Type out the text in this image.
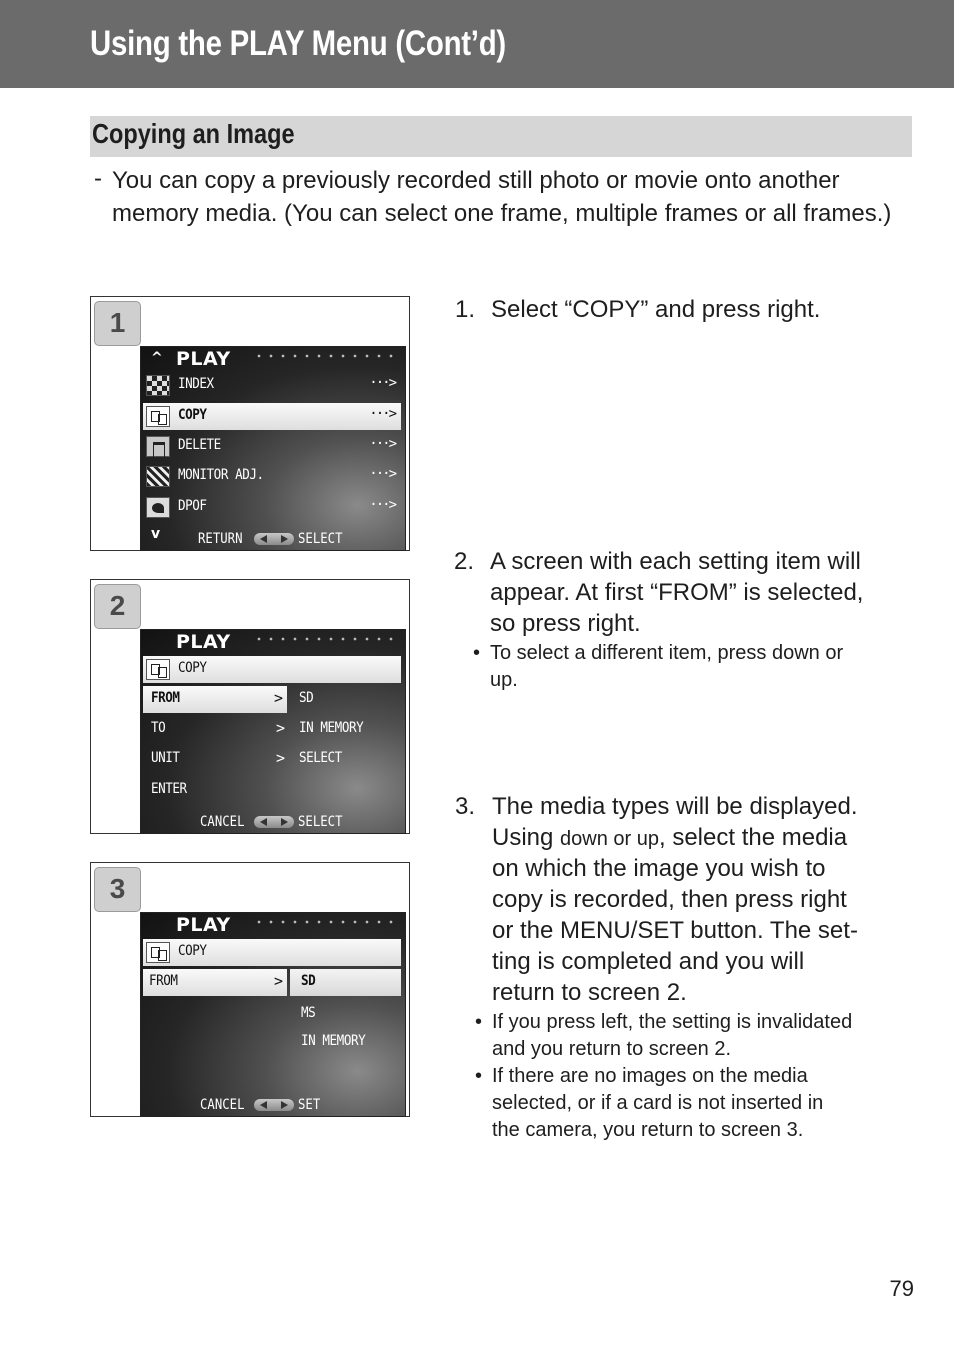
Using the PLAY Menu (Cont’d)
Copying an Image
- You can copy a previously recorded still photo or movie onto another memory media. (You can select one frame, multiple frames or all frames.)
1
^ PLAY
INDEX	···>
COPY	···>
DELETE	···>
MONITOR ADJ.	···>
DPOF	···>
v	RETURN	SELECT
2
PLAY
COPY
FROM	> SD
TO	> IN MEMORY
UNIT	> SELECT
ENTER
CANCEL	SELECT
3
PLAY
COPY
FROM	> SD
MS
IN MEMORY
CANCEL	SET
1. Select “COPY” and press right.
2. A screen with each setting item will
appear. At first “FROM” is selected,
so press right.
• To select a different item, press down or
up.
3. The media types will be displayed.
Using down or up, select the media
on which the image you wish to
copy is recorded, then press right
or the MENU/SET button. The set-
ting is completed and you will
return to screen 2.
• If you press left, the setting is invalidated
and you return to screen 2.
• If there are no images on the media
selected, or if a card is not inserted in
the camera, you return to screen 3.
79
